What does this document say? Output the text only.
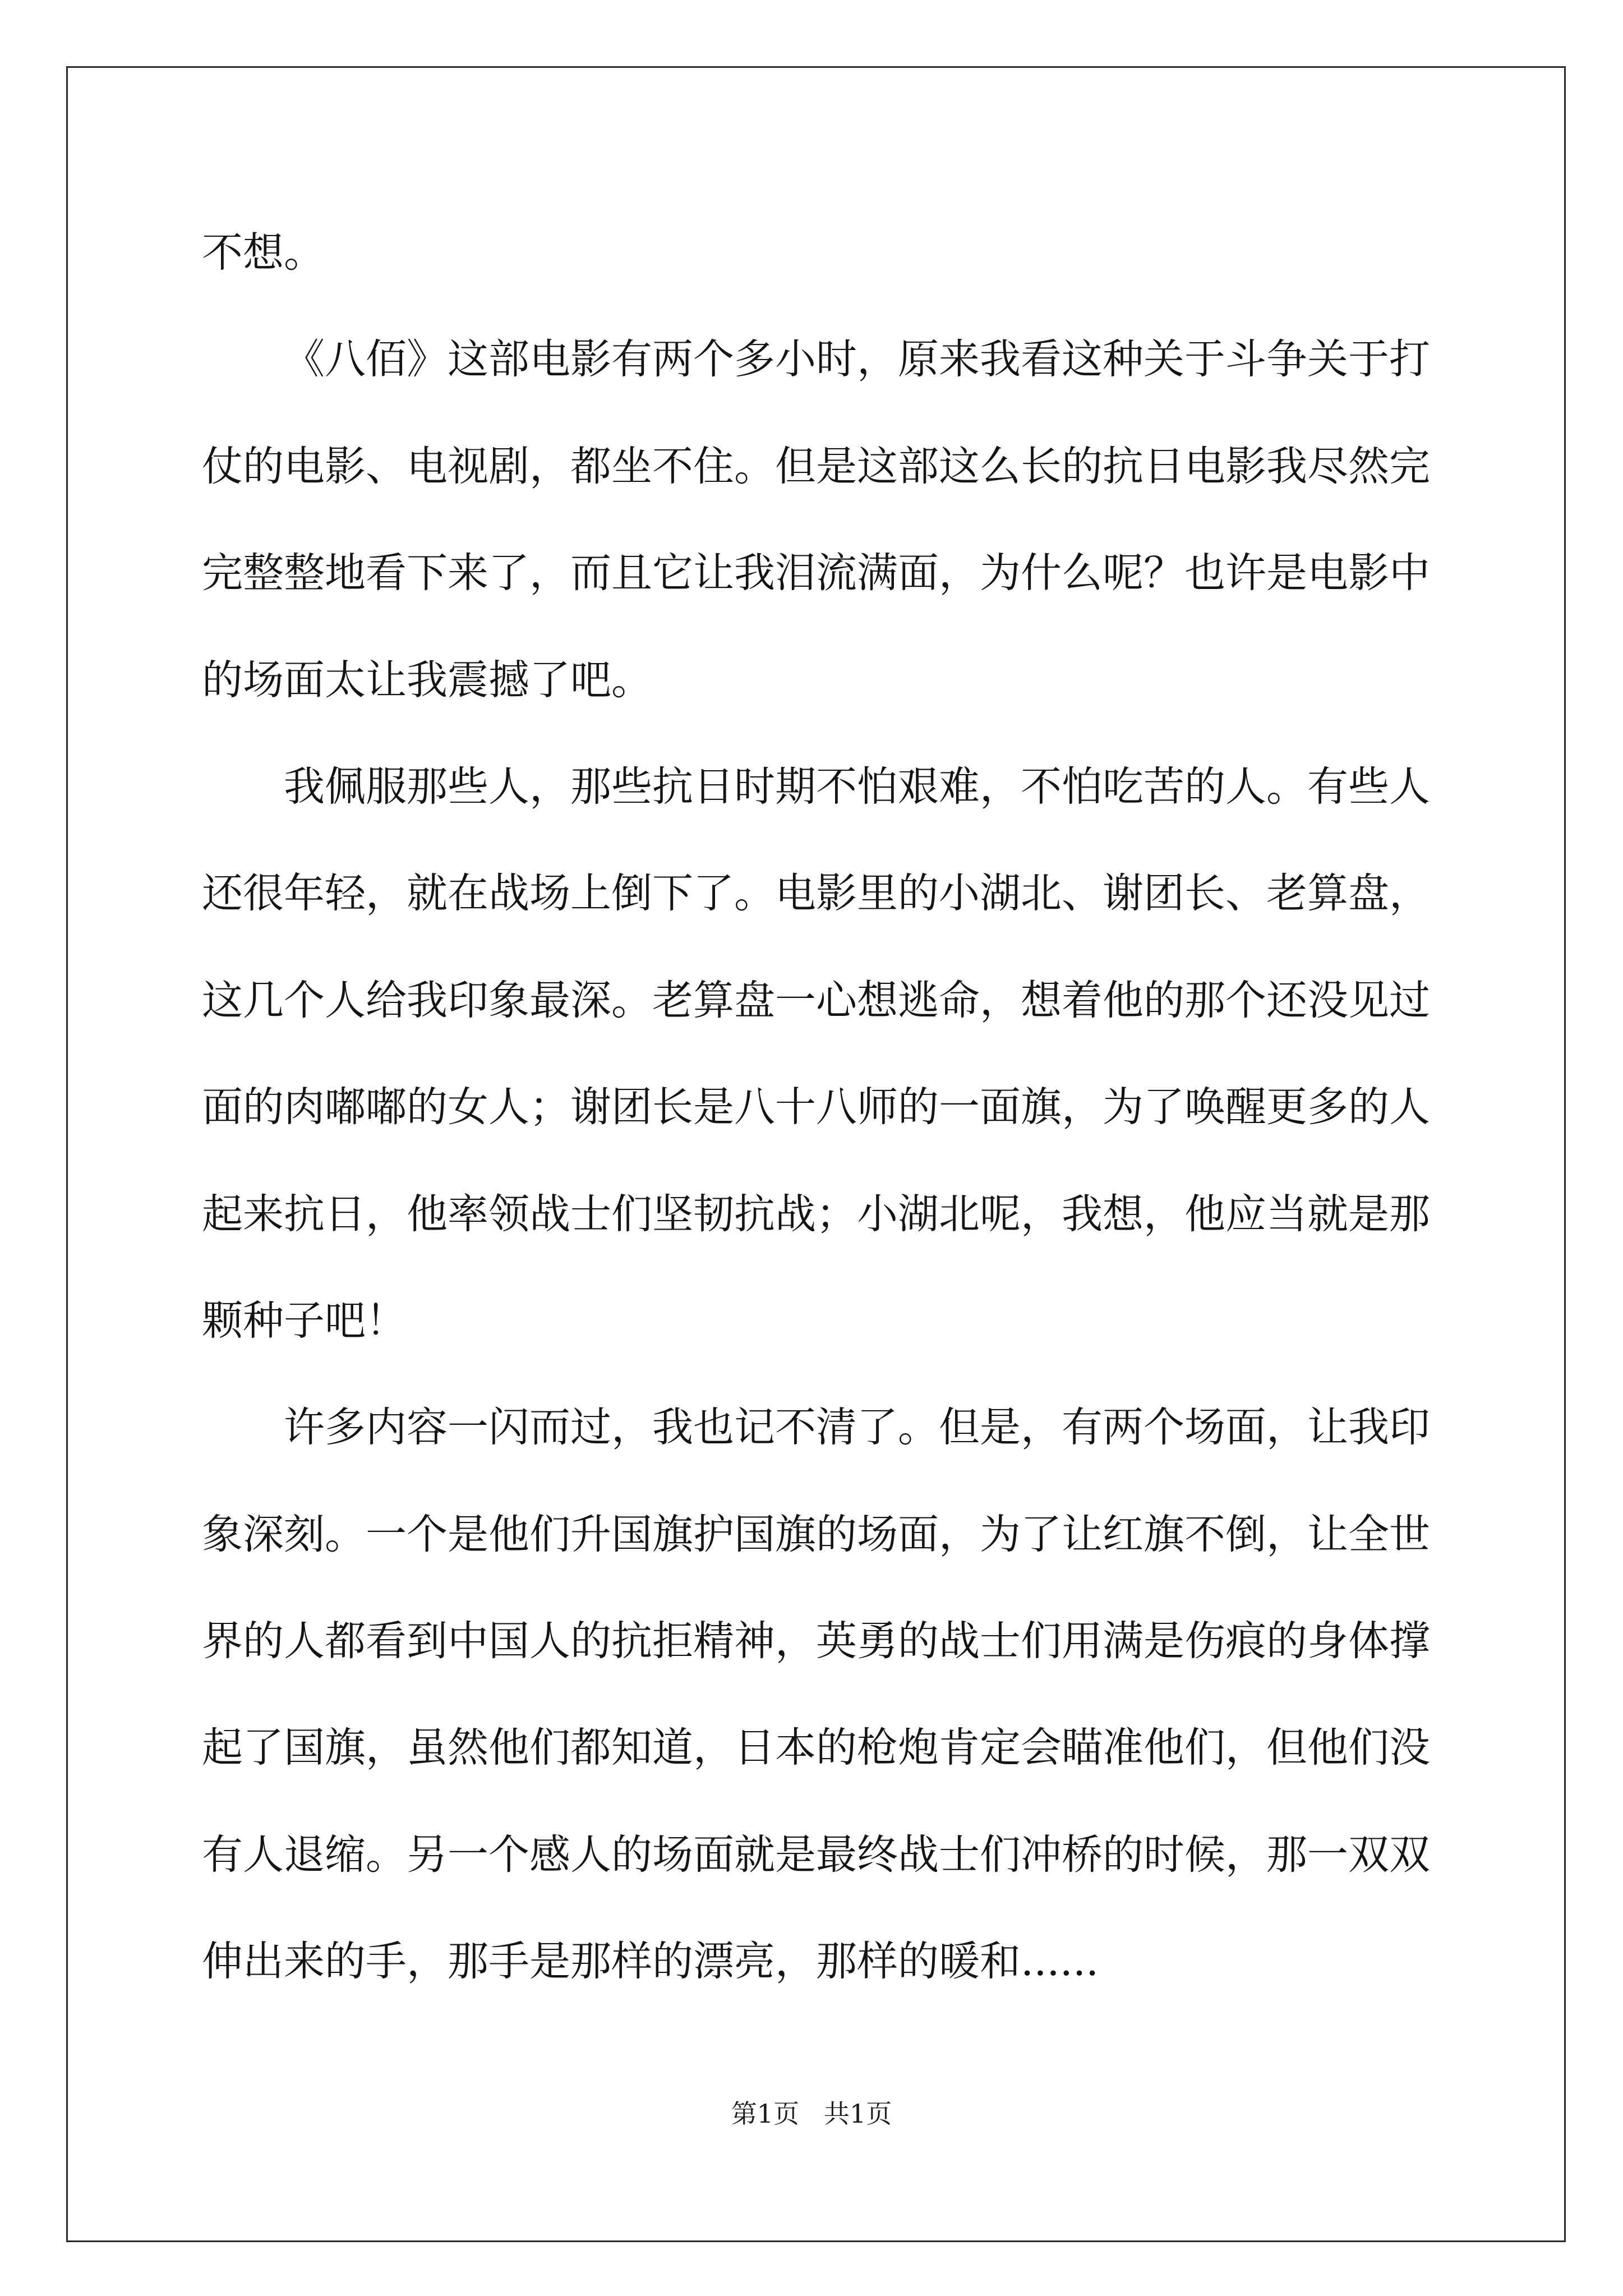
不想。
《八佰》这部电影有两个多小时，原来我看这种关于斗争关于打
仗的电影、电视剧，都坐不住。但是这部这么长的抗日电影我尽然完
完整整地看下来了，而且它让我泪流满面，为什么呢？也许是电影中
的场面太让我震撼了吧。
我佩服那些人，那些抗日时期不怕艰难，不怕吃苦的人。有些人
还很年轻，就在战场上倒下了。电影里的小湖北、谢团长、老算盘，
这几个人给我印象最深。老算盘一心想逃命，想着他的那个还没见过
面的肉嘟嘟的女人；谢团长是八十八师的一面旗，为了唤醒更多的人
起来抗日，他率领战士们坚韧抗战；小湖北呢，我想，他应当就是那
颗种子吧！
许多内容一闪而过，我也记不清了。但是，有两个场面，让我印
象深刻。一个是他们升国旗护国旗的场面，为了让红旗不倒，让全世
界的人都看到中国人的抗拒精神，英勇的战士们用满是伤痕的身体撑
起了国旗，虽然他们都知道，日本的枪炮肯定会瞄准他们，但他们没
有人退缩。另一个感人的场面就是最终战士们冲桥的时候，那一双双
伸出来的手，那手是那样的漂亮，那样的暖和......
第1页   共1页
